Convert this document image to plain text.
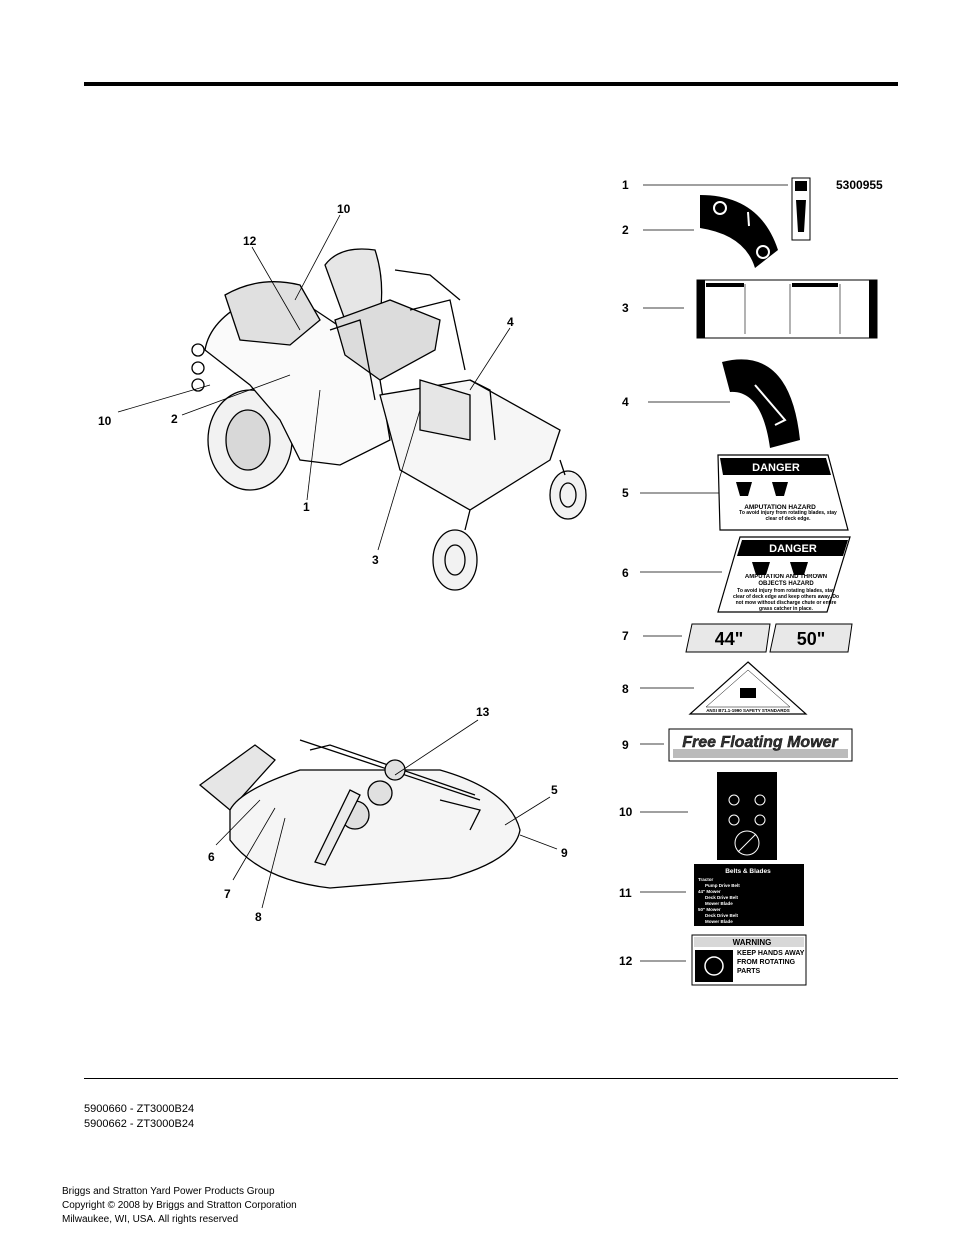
DANGER
AMPUTATION HAZARD
To avoid injury from rotating blades, stay clear of deck edge.
DANGER
AMPUTATION AND THROWN OBJECTS HAZARD
To avoid injury from rotating blades, stay clear of deck edge and keep others away. Do not mow without discharge chute or entire grass catcher in place.
44"	50"
ANSI B71.1-1990 SAFETY STANDARDS
Free Floating Mower
Belts & Blades
Tractor
Pump Drive Belt
44" Mower
Deck Drive Belt
Mower Blade
50" Mower
Deck Drive Belt
Mower Blade
WARNING
KEEP HANDS AWAY FROM ROTATING PARTS
10
12
4
10	2
1
3
13
5
6	9
7
8
1
2
3
4
5
6
7
8
9
10
11
12
5300955
5900660 - ZT3000B24
5900662 - ZT3000B24
Briggs and Stratton Yard Power Products Group
Copyright © 2008 by Briggs and Stratton Corporation
Milwaukee, WI, USA. All rights reserved
